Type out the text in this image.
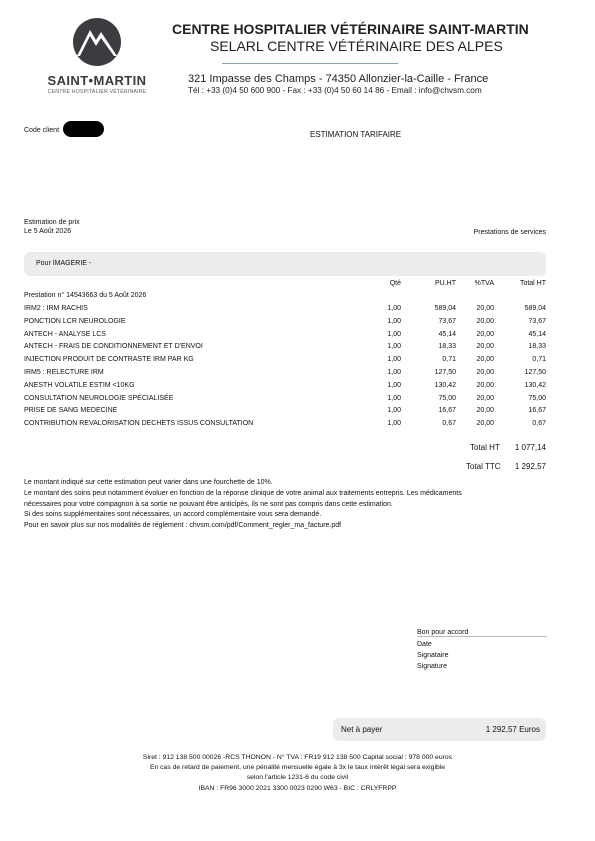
SAINT•MARTIN
CENTRE HOSPITALIER VÉTÉRINAIRE
CENTRE HOSPITALIER VÉTÉRINAIRE SAINT-MARTIN
SELARL CENTRE VÉTÉRINAIRE DES ALPES
321 Impasse des Champs - 74350 Allonzier-la-Caille - France
Tél : +33 (0)4 50 600 900 - Fax : +33 (0)4 50 60 14 86 - Email : info@chvsm.com
Code client	ESTIMATION TARIFAIRE
Estimation de prix
Le 5 Août 2026	Prestations de services
Pour IMAGERIE -
Qté	PU.HT	%TVA	Total HT
Prestation n° 14543663 du 5 Août 2026
IRM2 : IRM RACHIS	1,00	589,04	20,00	589,04
PONCTION LCR NEUROLOGIE	1,00	73,67	20,00	73,67
ANTECH - ANALYSE LCS	1,00	45,14	20,00	45,14
ANTECH - FRAIS DE CONDITIONNEMENT ET D'ENVOI	1,00	18,33	20,00	18,33
INJECTION PRODUIT DE CONTRASTE IRM PAR KG	1,00	0,71	20,00	0,71
IRM5 : RELECTURE IRM	1,00	127,50	20,00	127,50
ANESTH VOLATILE ESTIM <10KG	1,00	130,42	20,00	130,42
CONSULTATION NEUROLOGIE SPÉCIALISÉE	1,00	75,00	20,00	75,00
PRISE DE SANG MEDECINE	1,00	16,67	20,00	16,67
CONTRIBUTION REVALORISATION DECHETS ISSUS CONSULTATION	1,00	0,67	20,00	0,67
Total HT 1 077,14
Total TTC 1 292,57
Le montant indiqué sur cette estimation peut varier dans une fourchette de 10%.
Le montant des soins peut notamment évoluer en fonction de la réponse clinique de votre animal aux traitements entrepris. Les médicaments
nécessaires pour votre compagnon à sa sortie ne pouvant être anticipés, ils ne sont pas compris dans cette estimation.
Si des soins supplémentaires sont nécessaires, un accord complémentaire vous sera demandé.
Pour en savoir plus sur nos modalités de réglement : chvsm.com/pdf/Comment_regler_ma_facture.pdf
Bon pour accord
Date
Signataire
Signature
Net à payer	1 292,57 Euros
Siret : 912 138 500 00026 -RCS THONON - N° TVA : FR19 912 138 500 Capital social : 978 000 euros
En cas de retard de paiement, une pénalité mensuelle égale à 3x le taux intérêt légal sera exigible
selon l'article 1231-6 du code civil
IBAN : FR96 3000 2021 3300 0023 0290 W63 - BIC : CRLYFRPP
